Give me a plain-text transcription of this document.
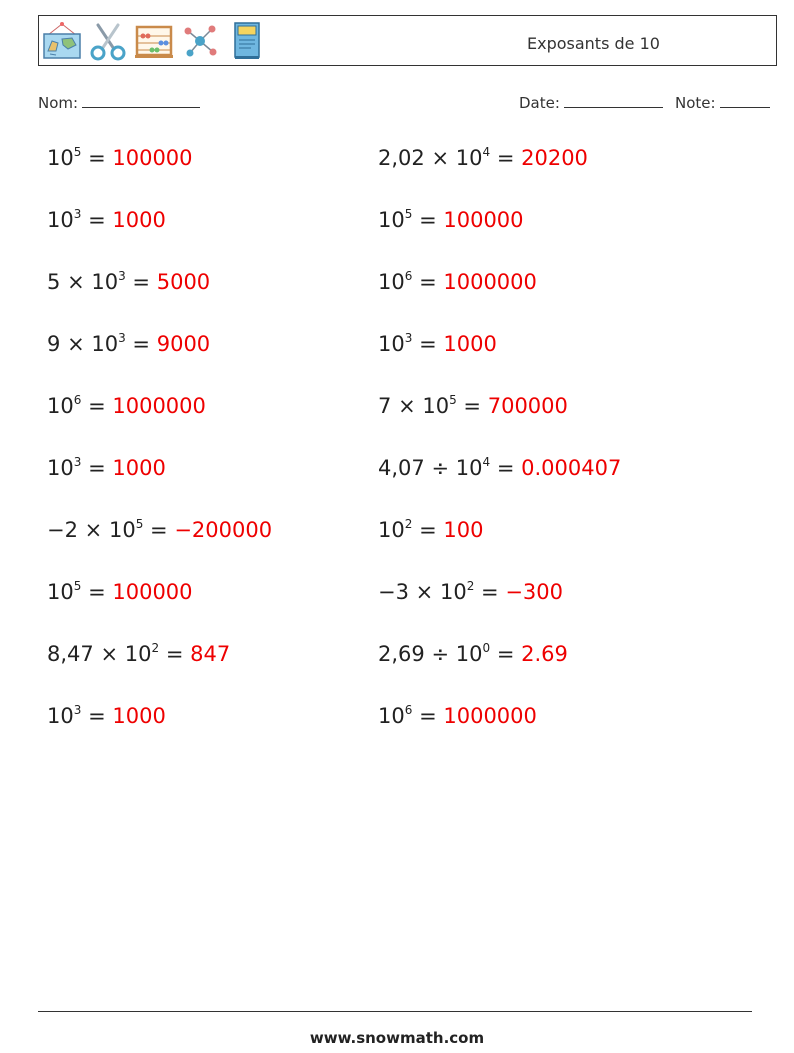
Exposants de 10
Nom:	Date:	Note:
$10^5 = 100000$
$10^3 = 1000$
$5 \times 10^3 = 5000$
$9 \times 10^3 = 9000$
$10^6 = 1000000$
$10^3 = 1000$
$-2 \times 10^5 = -200000$
$10^5 = 100000$
$8,47 \times 10^2 = 847$
$10^3 = 1000$
$2,02 \times 10^4 = 20200$
$10^5 = 100000$
$10^6 = 1000000$
$10^3 = 1000$
$7 \times 10^5 = 700000$
$4,07 \div 10^4 = 0.000407$
$10^2 = 100$
$-3 \times 10^2 = -300$
$2,69 \div 10^0 = 2.69$
$10^6 = 1000000$
www.snowmath.com
